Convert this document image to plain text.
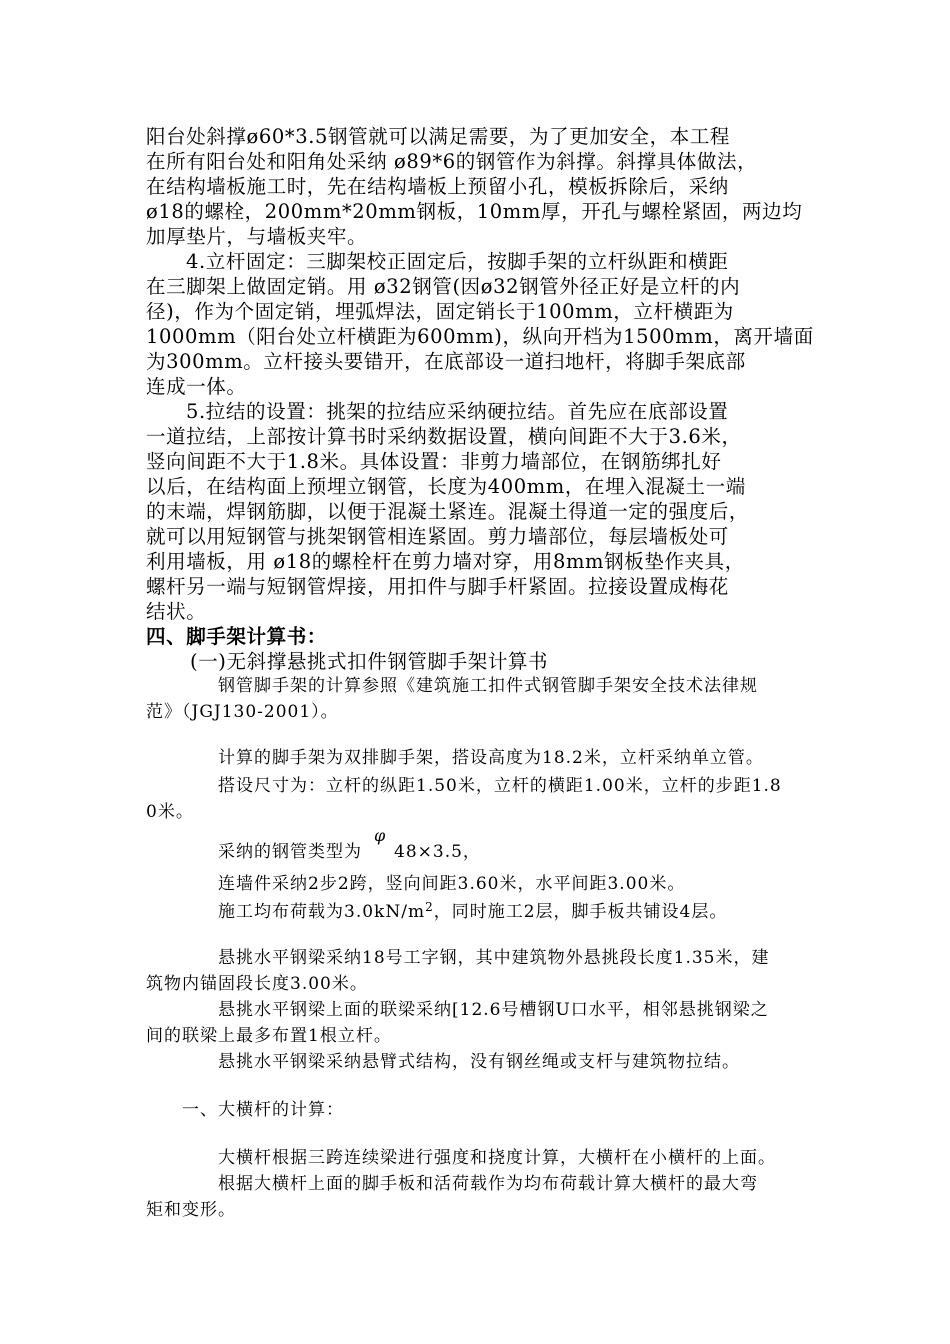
阳台处斜撑ø60*3.5钢管就可以满足需要，为了更加安全，本工程
在所有阳台处和阳角处采纳 ø89*6的钢管作为斜撑。斜撑具体做法，
在结构墙板施工时，先在结构墙板上预留小孔，模板拆除后，采纳
ø18的螺栓，200mm*20mm钢板，10mm厚，开孔与螺栓紧固，两边均
加厚垫片，与墙板夹牢。
4.立杆固定：三脚架校正固定后，按脚手架的立杆纵距和横距
在三脚架上做固定销。用 ø32钢管(因ø32钢管外径正好是立杆的内
径)，作为个固定销，埋弧焊法，固定销长于100mm，立杆横距为
1000mm（阳台处立杆横距为600mm)，纵向开档为1500mm，离开墙面
为300mm。立杆接头要错开，在底部设一道扫地杆，将脚手架底部
连成一体。
5.拉结的设置：挑架的拉结应采纳硬拉结。首先应在底部设置
一道拉结，上部按计算书时采纳数据设置，横向间距不大于3.6米，
竖向间距不大于1.8米。具体设置：非剪力墙部位，在钢筋绑扎好
以后，在结构面上预埋立钢管，长度为400mm，在埋入混凝土一端
的末端，焊钢筋脚，以便于混凝土紧连。混凝土得道一定的强度后，
就可以用短钢管与挑架钢管相连紧固。剪力墙部位，每层墙板处可
利用墙板，用 ø18的螺栓杆在剪力墙对穿，用8mm钢板垫作夹具，
螺杆另一端与短钢管焊接，用扣件与脚手杆紧固。拉接设置成梅花
结状。
四、脚手架计算书：
(一)无斜撑悬挑式扣件钢管脚手架计算书
钢管脚手架的计算参照《建筑施工扣件式钢管脚手架安全技术法律规
范》（JGJ130-2001）。
计算的脚手架为双排脚手架，搭设高度为18.2米，立杆采纳单立管。
搭设尺寸为：立杆的纵距1.50米，立杆的横距1.00米，立杆的步距1.8
0米。
采纳的钢管类型为 48×3.5，
φ
连墙件采纳2步2跨，竖向间距3.60米，水平间距3.00米。
施工均布荷载为$3.0kN/m^2$，同时施工2层，脚手板共铺设4层。
悬挑水平钢梁采纳18号工字钢，其中建筑物外悬挑段长度1.35米，建
筑物内锚固段长度3.00米。
悬挑水平钢梁上面的联梁采纳[12.6号槽钢U口水平，相邻悬挑钢梁之
间的联梁上最多布置1根立杆。
悬挑水平钢梁采纳悬臂式结构，没有钢丝绳或支杆与建筑物拉结。
一、大横杆的计算：
大横杆根据三跨连续梁进行强度和挠度计算，大横杆在小横杆的上面。
根据大横杆上面的脚手板和活荷载作为均布荷载计算大横杆的最大弯
矩和变形。
